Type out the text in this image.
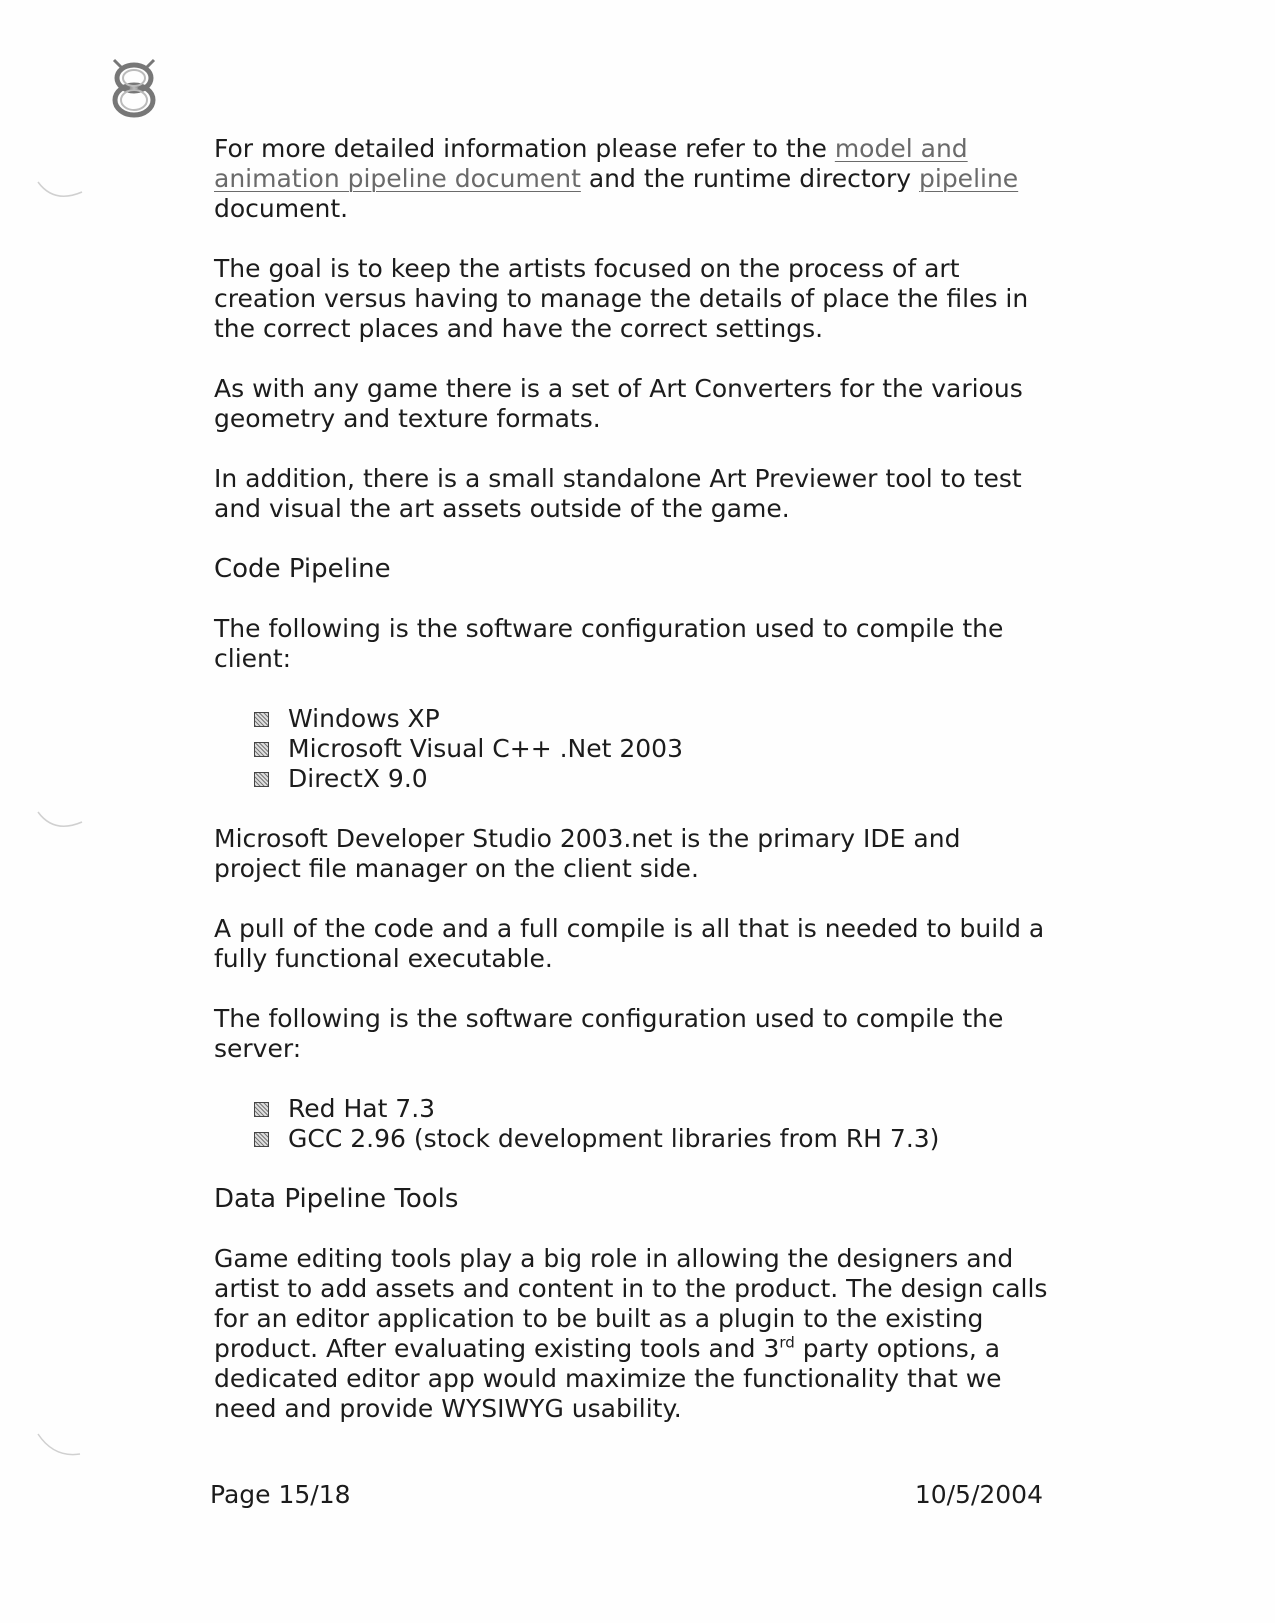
For more detailed information please refer to the model and animation pipeline document and the runtime directory pipeline document.

The goal is to keep the artists focused on the process of art creation versus having to manage the details of place the files in the correct places and have the correct settings.

As with any game there is a set of Art Converters for the various geometry and texture formats.

In addition, there is a small standalone Art Previewer tool to test and visual the art assets outside of the game.

Code Pipeline

The following is the software configuration used to compile the client:

Windows XP
Microsoft Visual C++ .Net 2003
DirectX 9.0

Microsoft Developer Studio 2003.net is the primary IDE and project file manager on the client side.

A pull of the code and a full compile is all that is needed to build a fully functional executable.

The following is the software configuration used to compile the server:

Red Hat 7.3
GCC 2.96 (stock development libraries from RH 7.3)

Data Pipeline Tools

Game editing tools play a big role in allowing the designers and artist to add assets and content in to the product. The design calls for an editor application to be built as a plugin to the existing product. After evaluating existing tools and 3rd party options, a dedicated editor app would maximize the functionality that we need and provide WYSIWYG usability.

Page 15/18	10/5/2004
